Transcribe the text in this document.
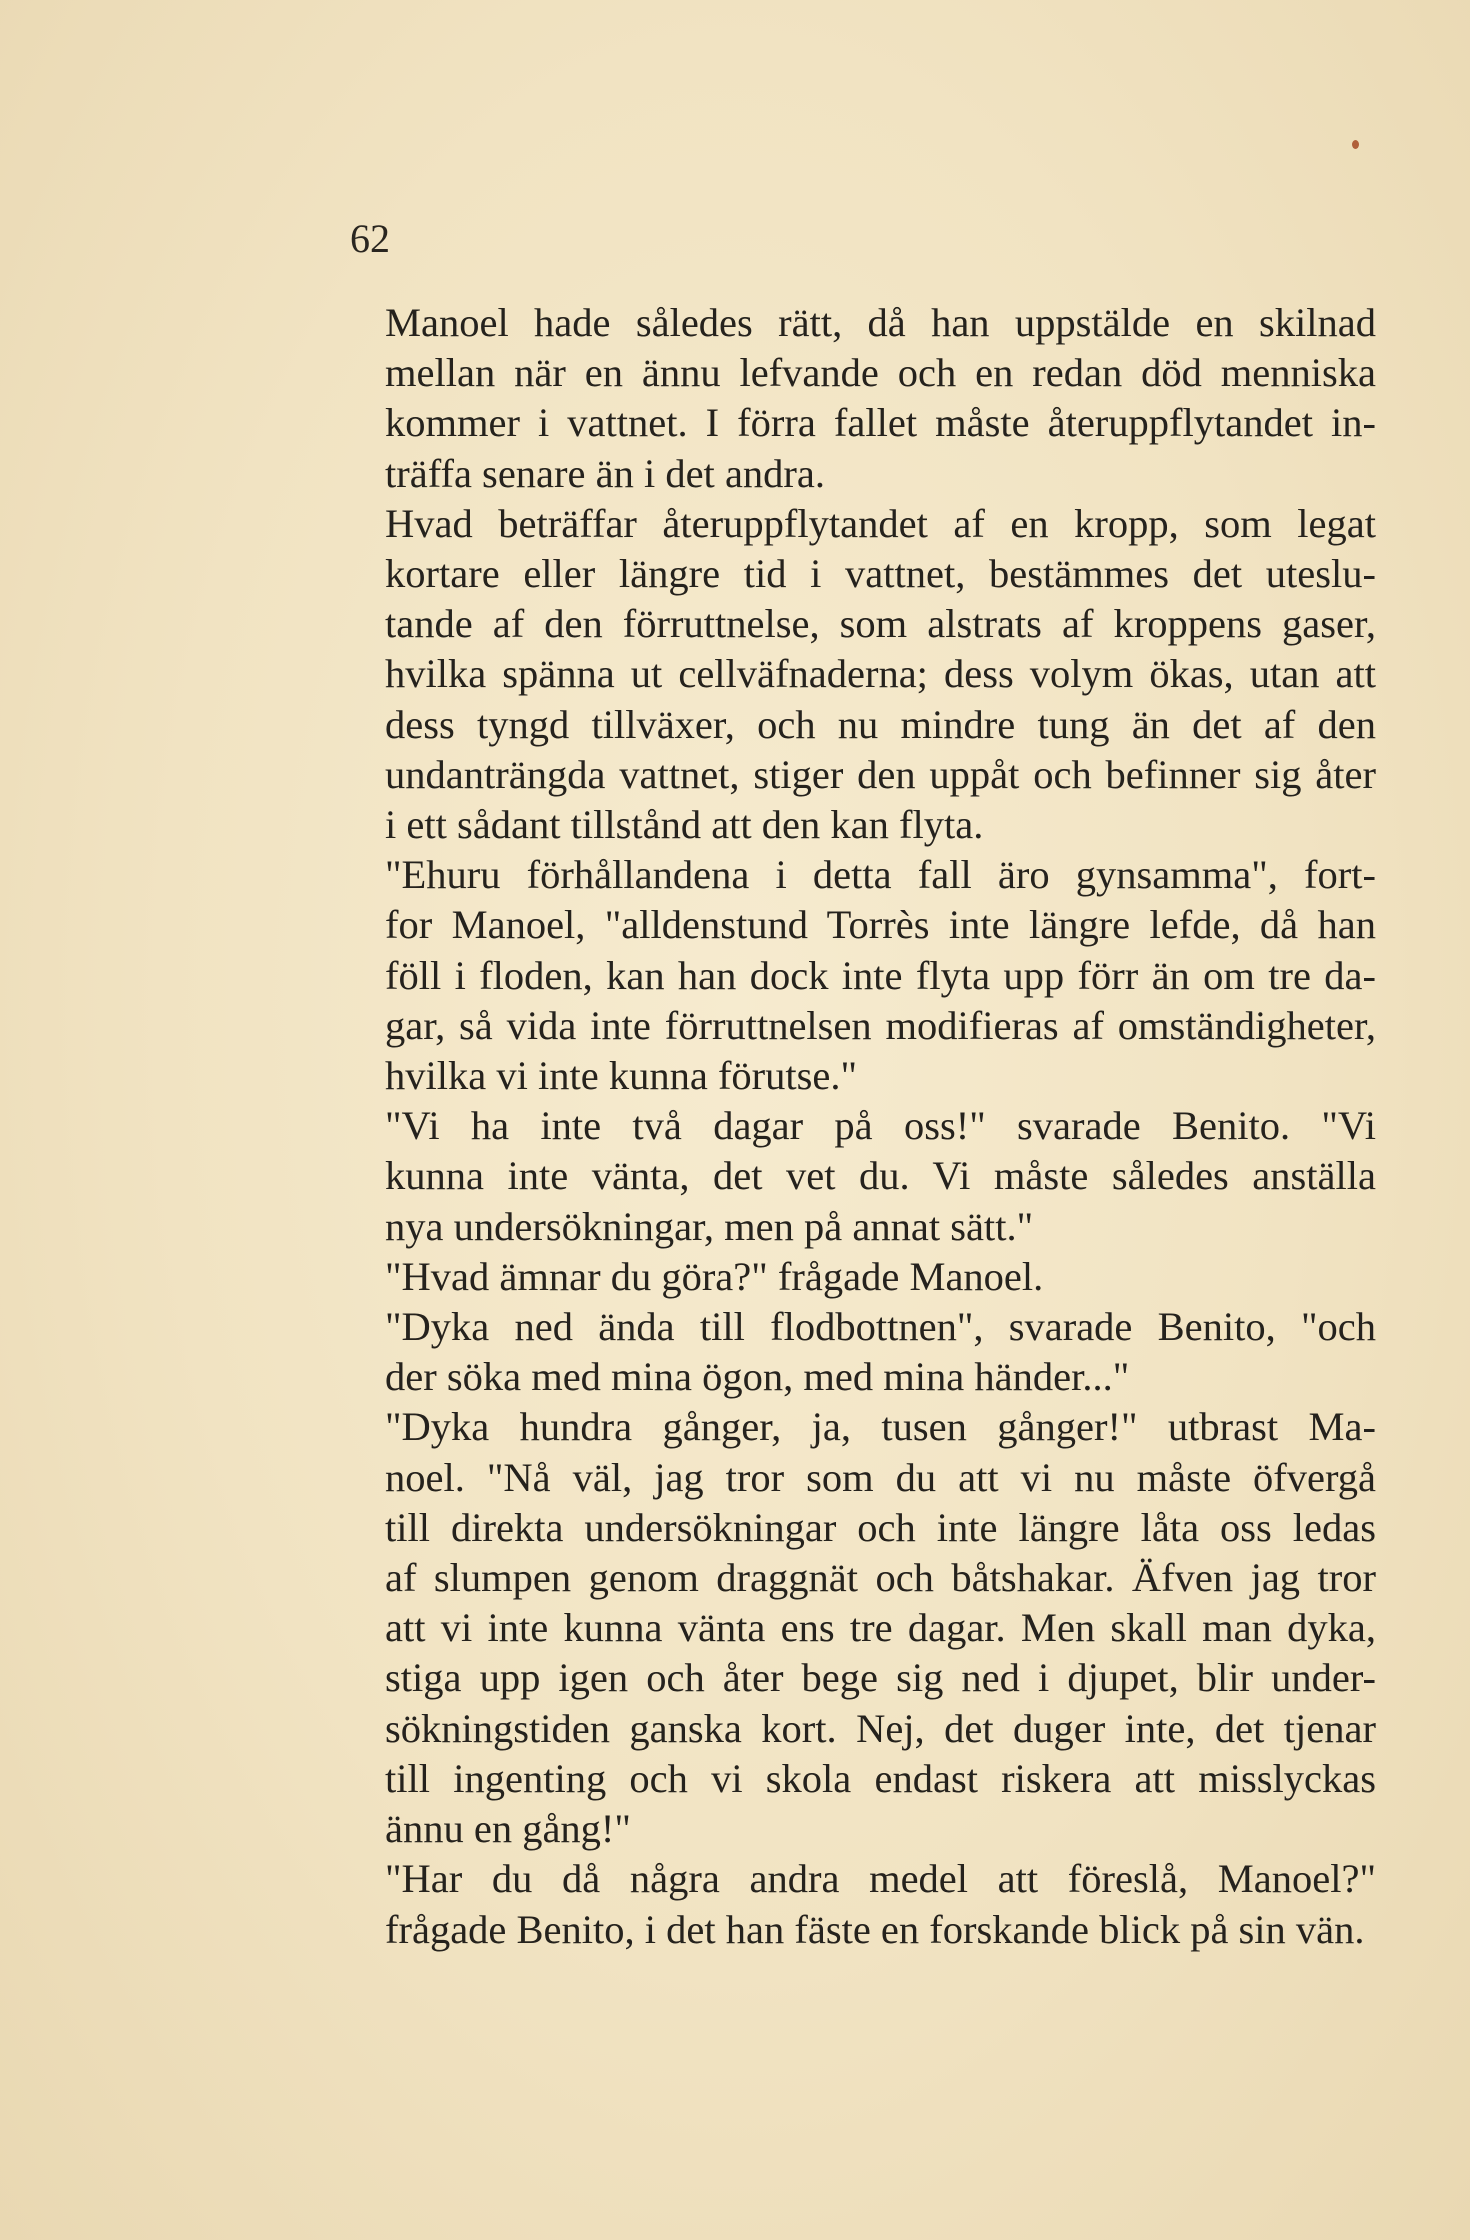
62

Manoel hade således rätt, då han uppstälde en skilnad
mellan när en ännu lefvande och en redan död menniska
kommer i vattnet. I förra fallet måste återuppflytandet in-
träffa senare än i det andra.

Hvad beträffar återuppflytandet af en kropp, som legat
kortare eller längre tid i vattnet, bestämmes det uteslu-
tande af den förruttnelse, som alstrats af kroppens gaser,
hvilka spänna ut cellväfnaderna; dess volym ökas, utan att
dess tyngd tillväxer, och nu mindre tung än det af den
undanträngda vattnet, stiger den uppåt och befinner sig åter
i ett sådant tillstånd att den kan flyta.

"Ehuru förhållandena i detta fall äro gynsamma", fort-
for Manoel, "alldenstund Torrès inte längre lefde, då han
föll i floden, kan han dock inte flyta upp förr än om tre da-
gar, så vida inte förruttnelsen modifieras af omständigheter,
hvilka vi inte kunna förutse."

"Vi ha inte två dagar på oss!" svarade Benito. "Vi
kunna inte vänta, det vet du. Vi måste således anställa
nya undersökningar, men på annat sätt."

"Hvad ämnar du göra?" frågade Manoel.

"Dyka ned ända till flodbottnen", svarade Benito, "och
der söka med mina ögon, med mina händer..."

"Dyka hundra gånger, ja, tusen gånger!" utbrast Ma-
noel. "Nå väl, jag tror som du att vi nu måste öfvergå
till direkta undersökningar och inte längre låta oss ledas
af slumpen genom draggnät och båtshakar. Äfven jag tror
att vi inte kunna vänta ens tre dagar. Men skall man dyka,
stiga upp igen och åter bege sig ned i djupet, blir under-
sökningstiden ganska kort. Nej, det duger inte, det tjenar
till ingenting och vi skola endast riskera att misslyckas
ännu en gång!"

"Har du då några andra medel att föreslå, Manoel?"
frågade Benito, i det han fäste en forskande blick på sin vän.
